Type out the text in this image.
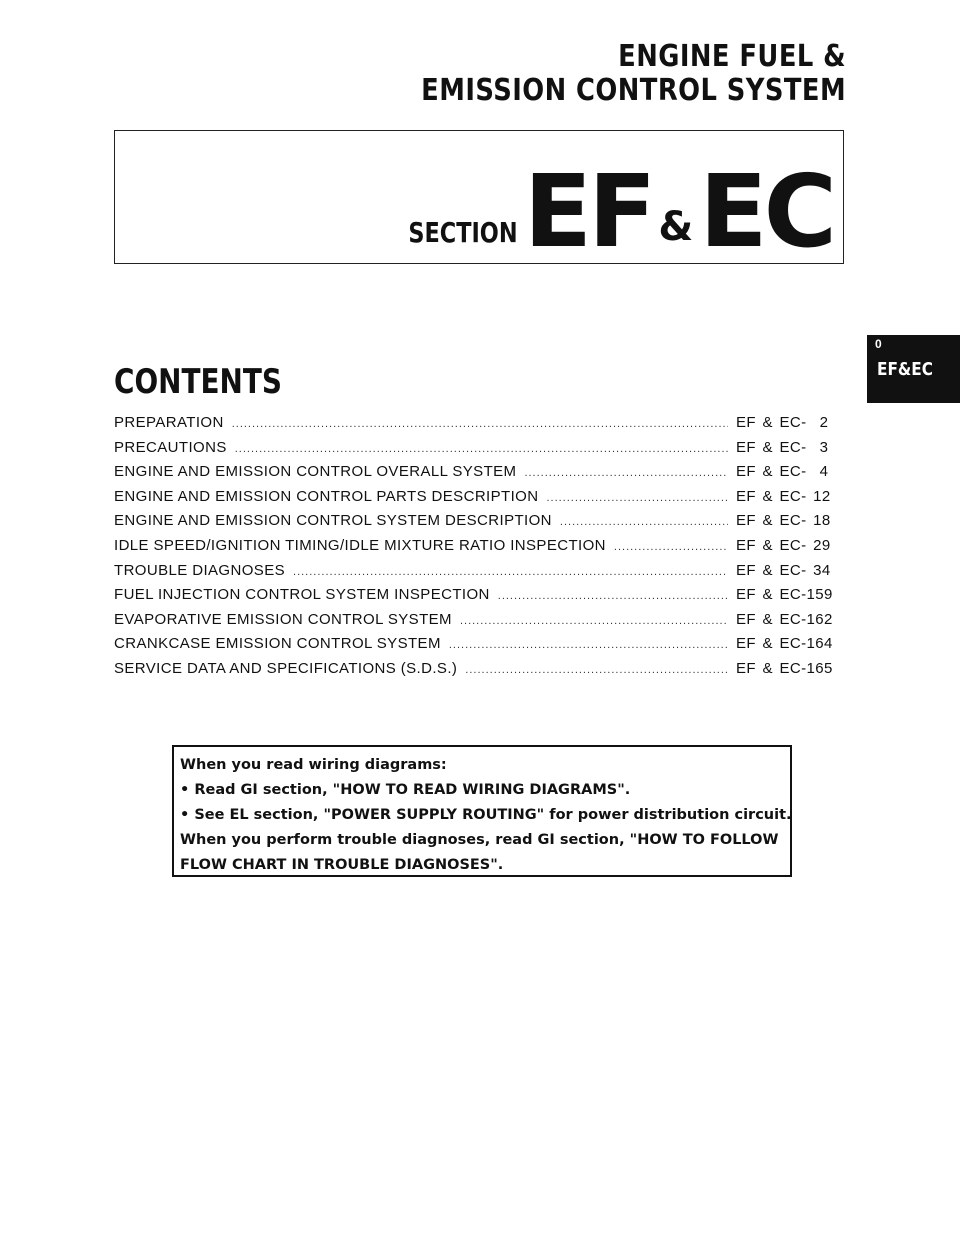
ENGINE FUEL &
EMISSION CONTROL SYSTEM
SECTION EF & EC
0
EF&EC
CONTENTS
PREPARATION .....	EF & EC-  2
PRECAUTIONS .....	EF & EC-  3
ENGINE AND EMISSION CONTROL OVERALL SYSTEM .....	EF & EC-  4
ENGINE AND EMISSION CONTROL PARTS DESCRIPTION .....	EF & EC- 12
ENGINE AND EMISSION CONTROL SYSTEM DESCRIPTION .....	EF & EC- 18
IDLE SPEED/IGNITION TIMING/IDLE MIXTURE RATIO INSPECTION .....	EF & EC- 29
TROUBLE DIAGNOSES .....	EF & EC- 34
FUEL INJECTION CONTROL SYSTEM INSPECTION .....	EF & EC-159
EVAPORATIVE EMISSION CONTROL SYSTEM .....	EF & EC-162
CRANKCASE EMISSION CONTROL SYSTEM .....	EF & EC-164
SERVICE DATA AND SPECIFICATIONS (S.D.S.) .....	EF & EC-165
When you read wiring diagrams:
• Read GI section, "HOW TO READ WIRING DIAGRAMS".
• See EL section, "POWER SUPPLY ROUTING" for power distribution circuit.
When you perform trouble diagnoses, read GI section, "HOW TO FOLLOW
FLOW CHART IN TROUBLE DIAGNOSES".
